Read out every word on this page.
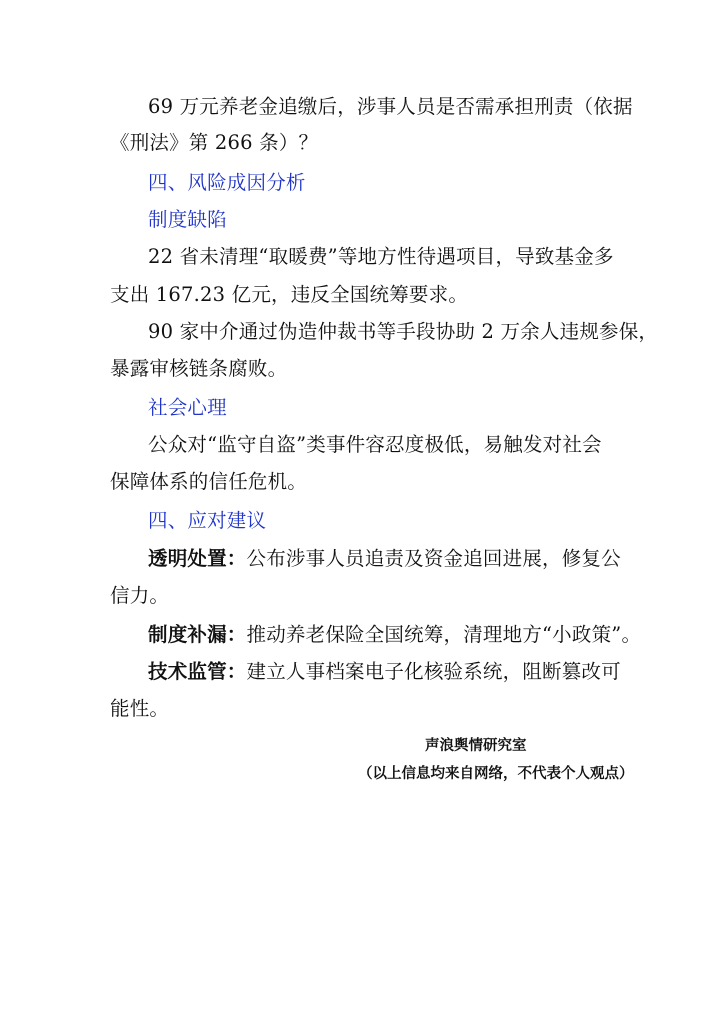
69 万元养老金追缴后，涉事人员是否需承担刑责（依据
《刑法》第 266 条）？
四、风险成因分析
制度缺陷
22 省未清理“取暖费”等地方性待遇项目，导致基金多
支出 167.23 亿元，违反全国统筹要求。
90 家中介通过伪造仲裁书等手段协助 2 万余人违规参保，
暴露审核链条腐败。
社会心理
公众对“监守自盗”类事件容忍度极低，易触发对社会
保障体系的信任危机。
四、应对建议
透明处置：公布涉事人员追责及资金追回进展，修复公
信力。
制度补漏：推动养老保险全国统筹，清理地方“小政策”。
技术监管：建立人事档案电子化核验系统，阻断篡改可
能性。
声浪舆情研究室
（以上信息均来自网络，不代表个人观点）
